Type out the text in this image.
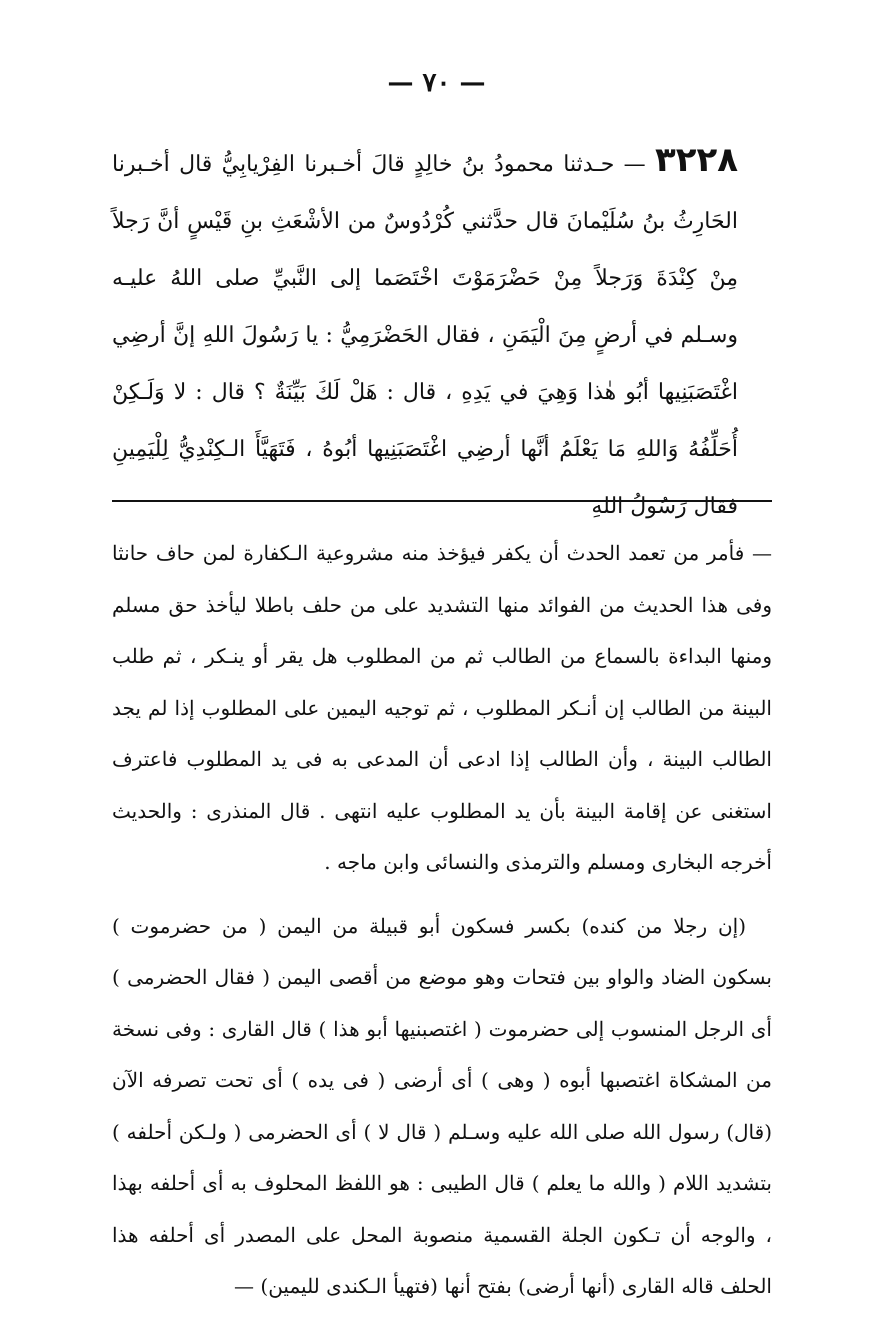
— ٧٠ —
٣٢٢٨ — حـدثنا محمودُ بنُ خالِدٍ قالَ أخـبرنا الفِرْيابِيُّ قال أخـبرنا الحَارِثُ بنُ سُلَيْمانَ قال حدَّثني كُرْدُوسٌ من الأشْعَثِ بنِ قَيْسٍ أنَّ رَجلاً مِنْ كِنْدَةَ وَرَجلاً مِنْ حَضْرَمَوْتَ اخْتَصَما إلى النَّبيِّ صلى اللهُ عليـه وسـلم في أرضٍ مِنَ الْيَمَنِ ، فقال الحَضْرَمِيُّ : يا رَسُولَ اللهِ إنَّ أرضِي اغْتَصَبَنِيها أبُو هٰذا وَهِيَ في يَدِهِ ، قال : هَلْ لَكَ بَيِّنَةٌ ؟ قال : لا وَلَـكِنْ أُحَلِّفُهُ وَاللهِ مَا يَعْلَمُ أنَّها أرضِي اغْتَصَبَنِيها أبُوهُ ، فَتَهَيَّأَ الـكِنْدِيُّ لِلْيَمِينِ فقال رَسُولُ اللهِ

— فأمر من تعمد الحدث أن يكفر فيؤخذ منه مشروعية الـكفارة لمن حاف حانثا وفى هذا الحديث من الفوائد منها التشديد على من حلف باطلا ليأخذ حق مسلم ومنها البداءة بالسماع من الطالب ثم من المطلوب هل يقر أو ينـكر ، ثم طلب البينة من الطالب إن أنـكر المطلوب ، ثم توجيه اليمين على المطلوب إذا لم يجد الطالب البينة ، وأن الطالب إذا ادعى أن المدعى به فى يد المطلوب فاعترف استغنى عن إقامة البينة بأن يد المطلوب عليه انتهى . قال المنذرى : والحديث أخرجه البخارى ومسلم والترمذى والنسائى وابن ماجه .

(إن رجلا من كنده) بكسر فسكون أبو قبيلة من اليمن ( من حضرموت ) بسكون الضاد والواو بين فتحات وهو موضع من أقصى اليمن ( فقال الحضرمى ) أى الرجل المنسوب إلى حضرموت ( اغتصبنيها أبو هذا ) قال القارى : وفى نسخة من المشكاة اغتصبها أبوه ( وهى ) أى أرضى ( فى يده ) أى تحت تصرفه الآن (قال) رسول الله صلى الله عليه وسـلم ( قال لا ) أى الحضرمى ( ولـكن أحلفه ) بتشديد اللام ( والله ما يعلم ) قال الطيبى : هو اللفظ المحلوف به أى أحلفه بهذا ، والوجه أن تـكون الجلة القسمية منصوبة المحل على المصدر أى أحلفه هذا الحلف قاله القارى (أنها أرضى) بفتح أنها (فتهيأ الـكندى لليمين) —
